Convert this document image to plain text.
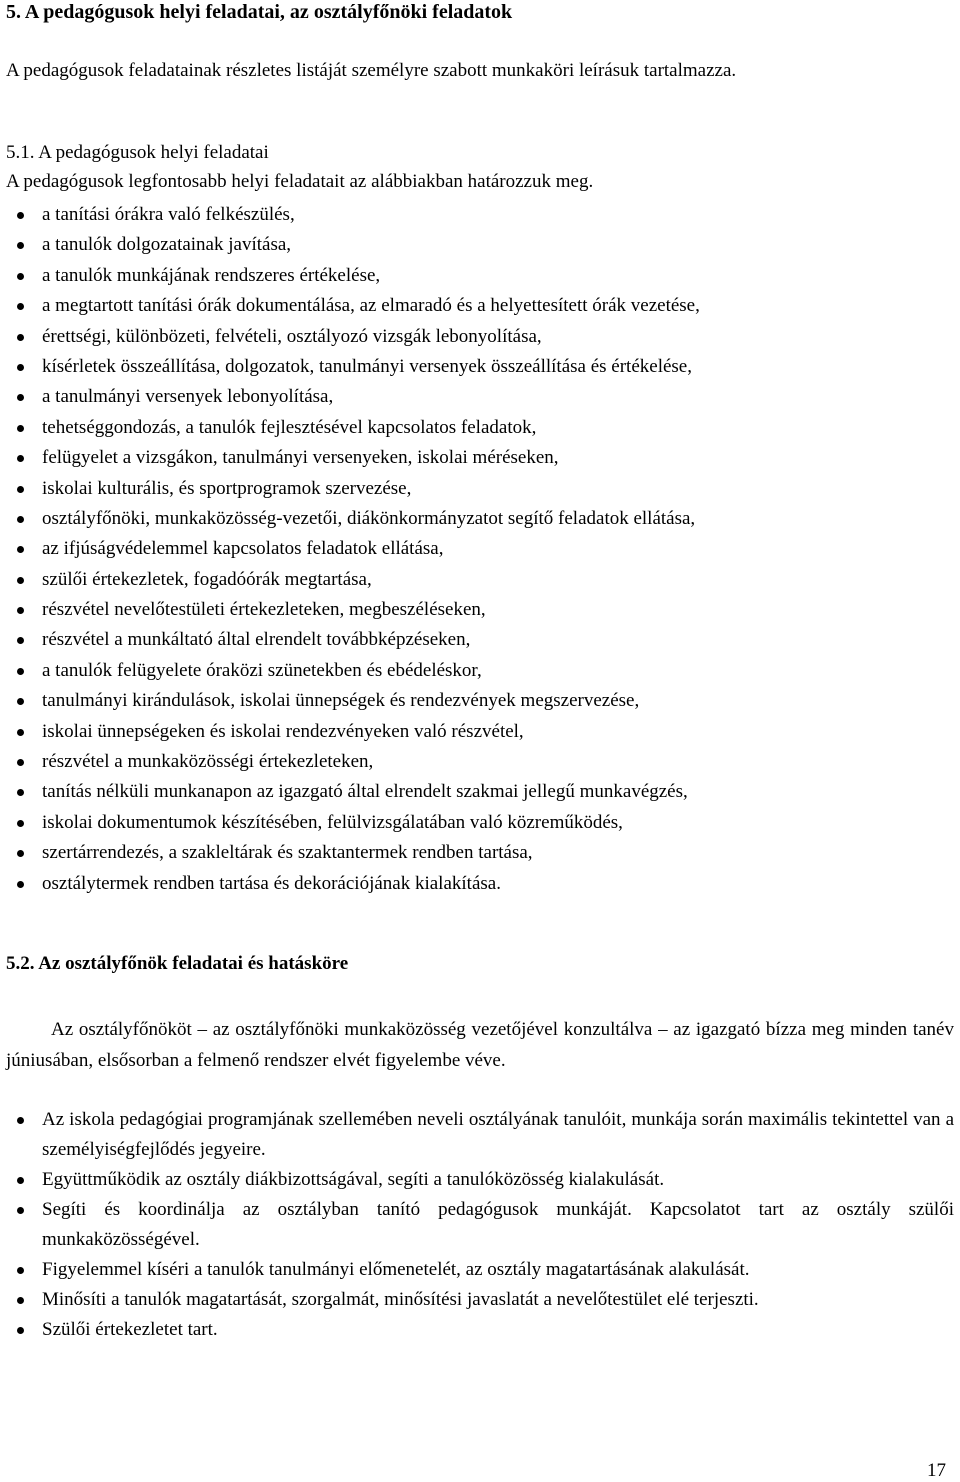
5. A pedagógusok helyi feladatai, az osztályfőnöki feladatok
A pedagógusok feladatainak részletes listáját személyre szabott munkaköri leírásuk tartalmazza.
5.1. A pedagógusok helyi feladatai
A pedagógusok legfontosabb helyi feladatait az alábbiakban határozzuk meg.
a tanítási órákra való felkészülés,
a tanulók dolgozatainak javítása,
a tanulók munkájának rendszeres értékelése,
a megtartott tanítási órák dokumentálása, az elmaradó és a helyettesített órák vezetése,
érettségi, különbözeti, felvételi, osztályozó vizsgák lebonyolítása,
kísérletek összeállítása, dolgozatok, tanulmányi versenyek összeállítása és értékelése,
a tanulmányi versenyek lebonyolítása,
tehetséggondozás, a tanulók fejlesztésével kapcsolatos feladatok,
felügyelet a vizsgákon, tanulmányi versenyeken, iskolai méréseken,
iskolai kulturális, és sportprogramok szervezése,
osztályfőnöki, munkaközösség-vezetői, diákönkormányzatot segítő feladatok ellátása,
az ifjúságvédelemmel kapcsolatos feladatok ellátása,
szülői értekezletek, fogadóórák megtartása,
részvétel nevelőtestületi értekezleteken, megbeszéléseken,
részvétel a munkáltató által elrendelt továbbképzéseken,
a tanulók felügyelete óraközi szünetekben és ebédeléskor,
tanulmányi kirándulások, iskolai ünnepségek és rendezvények megszervezése,
iskolai ünnepségeken és iskolai rendezvényeken való részvétel,
részvétel a munkaközösségi értekezleteken,
tanítás nélküli munkanapon az igazgató által elrendelt szakmai jellegű munkavégzés,
iskolai dokumentumok készítésében, felülvizsgálatában való közreműködés,
szertárrendezés, a szakleltárak és szaktantermek rendben tartása,
osztálytermek rendben tartása és dekorációjának kialakítása.
5.2. Az osztályfőnök feladatai és hatásköre
Az osztályfőnököt – az osztályfőnöki munkaközösség vezetőjével konzultálva – az igazgató bízza meg minden tanév júniusában, elsősorban a felmenő rendszer elvét figyelembe véve.
Az iskola pedagógiai programjának szellemében neveli osztályának tanulóit, munkája során maximális tekintettel van a személyiségfejlődés jegyeire.
Együttműködik az osztály diákbizottságával, segíti a tanulóközösség kialakulását.
Segíti és koordinálja az osztályban tanító pedagógusok munkáját. Kapcsolatot tart az osztály szülői munkaközösségével.
Figyelemmel kíséri a tanulók tanulmányi előmenetelét, az osztály magatartásának alakulását.
Minősíti a tanulók magatartását, szorgalmát, minősítési javaslatát a nevelőtestület elé terjeszti.
Szülői értekezletet tart.
17
